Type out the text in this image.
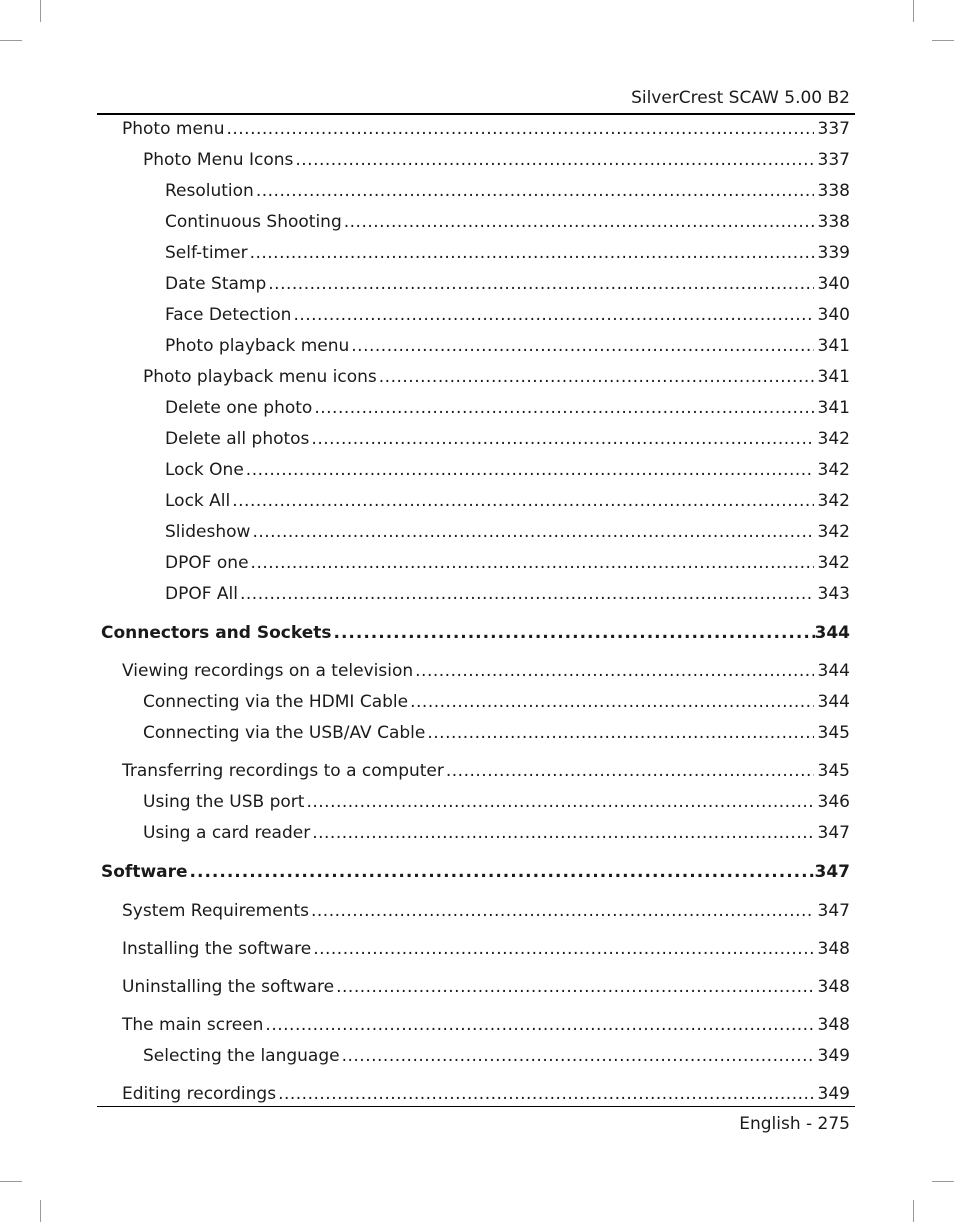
SilverCrest SCAW 5.00 B2
Photo menu .....	337
Photo Menu Icons .....	337
Resolution .....	338
Continuous Shooting .....	338
Self-timer .....	339
Date Stamp .....	340
Face Detection .....	340
Photo playback menu .....	341
Photo playback menu icons .....	341
Delete one photo .....	341
Delete all photos .....	342
Lock One .....	342
Lock All .....	342
Slideshow .....	342
DPOF one .....	342
DPOF All .....	343
Connectors and Sockets .....	344
Viewing recordings on a television .....	344
Connecting via the HDMI Cable .....	344
Connecting via the USB/AV Cable .....	345
Transferring recordings to a computer .....	345
Using the USB port .....	346
Using a card reader .....	347
Software .....	347
System Requirements .....	347
Installing the software .....	348
Uninstalling the software .....	348
The main screen .....	348
Selecting the language .....	349
Editing recordings .....	349
English - 275
